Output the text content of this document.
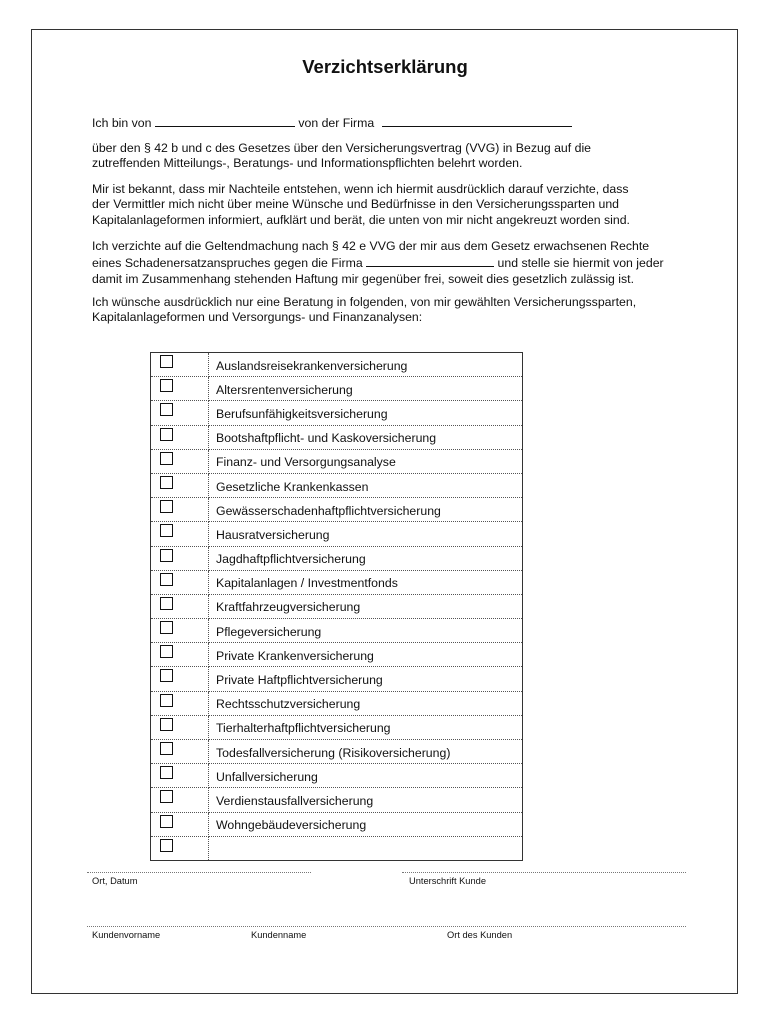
Verzichtserklärung
Ich bin von	von der Firma
über den § 42 b und c des Gesetzes über den Versicherungsvertrag (VVG) in Bezug auf die
zutreffenden Mitteilungs-, Beratungs- und Informationspflichten belehrt worden.
Mir ist bekannt, dass mir Nachteile entstehen, wenn ich hiermit ausdrücklich darauf verzichte, dass
der Vermittler mich nicht über meine Wünsche und Bedürfnisse in den Versicherungssparten und
Kapitalanlageformen informiert, aufklärt und berät, die unten von mir nicht angekreuzt worden sind.
Ich verzichte auf die Geltendmachung nach § 42 e VVG der mir aus dem Gesetz erwachsenen Rechte
eines Schadenersatzanspruches gegen die Firma	und stelle sie hiermit von jeder
damit im Zusammenhang stehenden Haftung mir gegenüber frei, soweit dies gesetzlich zulässig ist.
Ich wünsche ausdrücklich nur eine Beratung in folgenden, von mir gewählten Versicherungssparten,
Kapitalanlageformen und Versorgungs- und Finanzanalysen:
	Auslandsreisekrankenversicherung

	Altersrentenversicherung

	Berufsunfähigkeitsversicherung

	Bootshaftpflicht- und Kaskoversicherung

	Finanz- und Versorgungsanalyse

	Gesetzliche Krankenkassen

	Gewässerschadenhaftpflichtversicherung

	Hausratversicherung

	Jagdhaftpflichtversicherung

	Kapitalanlagen / Investmentfonds

	Kraftfahrzeugversicherung

	Pflegeversicherung

	Private Krankenversicherung

	Private Haftpflichtversicherung

	Rechtsschutzversicherung

	Tierhalterhaftpflichtversicherung

	Todesfallversicherung (Risikoversicherung)

	Unfallversicherung

	Verdienstausfallversicherung

	Wohngebäudeversicherung

Ort, Datum	Unterschrift Kunde
Kundenvorname	Kundenname	Ort des Kunden
